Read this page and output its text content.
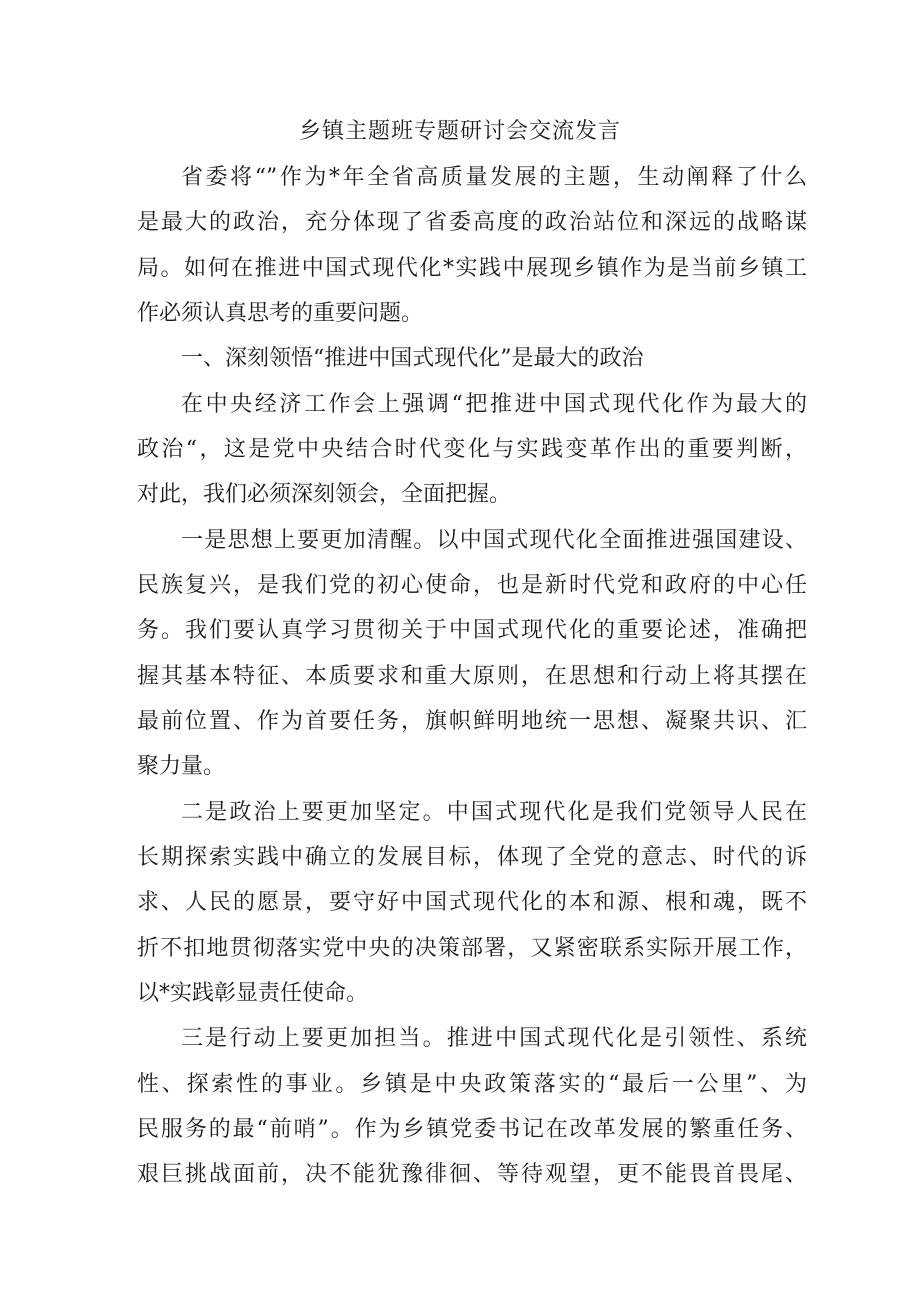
乡镇主题班专题研讨会交流发言
省委将“”作为*年全省高质量发展的主题，生动阐释了什么
是最大的政治，充分体现了省委高度的政治站位和深远的战略谋
局。如何在推进中国式现代化*实践中展现乡镇作为是当前乡镇工
作必须认真思考的重要问题。
一、深刻领悟“推进中国式现代化”是最大的政治
在中央经济工作会上强调“把推进中国式现代化作为最大的
政治“，这是党中央结合时代变化与实践变革作出的重要判断，
对此，我们必须深刻领会，全面把握。
一是思想上要更加清醒。以中国式现代化全面推进强国建设、
民族复兴，是我们党的初心使命，也是新时代党和政府的中心任
务。我们要认真学习贯彻关于中国式现代化的重要论述，准确把
握其基本特征、本质要求和重大原则，在思想和行动上将其摆在
最前位置、作为首要任务，旗帜鲜明地统一思想、凝聚共识、汇
聚力量。
二是政治上要更加坚定。中国式现代化是我们党领导人民在
长期探索实践中确立的发展目标，体现了全党的意志、时代的诉
求、人民的愿景，要守好中国式现代化的本和源、根和魂，既不
折不扣地贯彻落实党中央的决策部署，又紧密联系实际开展工作，
以*实践彰显责任使命。
三是行动上要更加担当。推进中国式现代化是引领性、系统
性、探索性的事业。乡镇是中央政策落实的“最后一公里”、为
民服务的最“前哨”。作为乡镇党委书记在改革发展的繁重任务、
艰巨挑战面前，决不能犹豫徘徊、等待观望，更不能畏首畏尾、
